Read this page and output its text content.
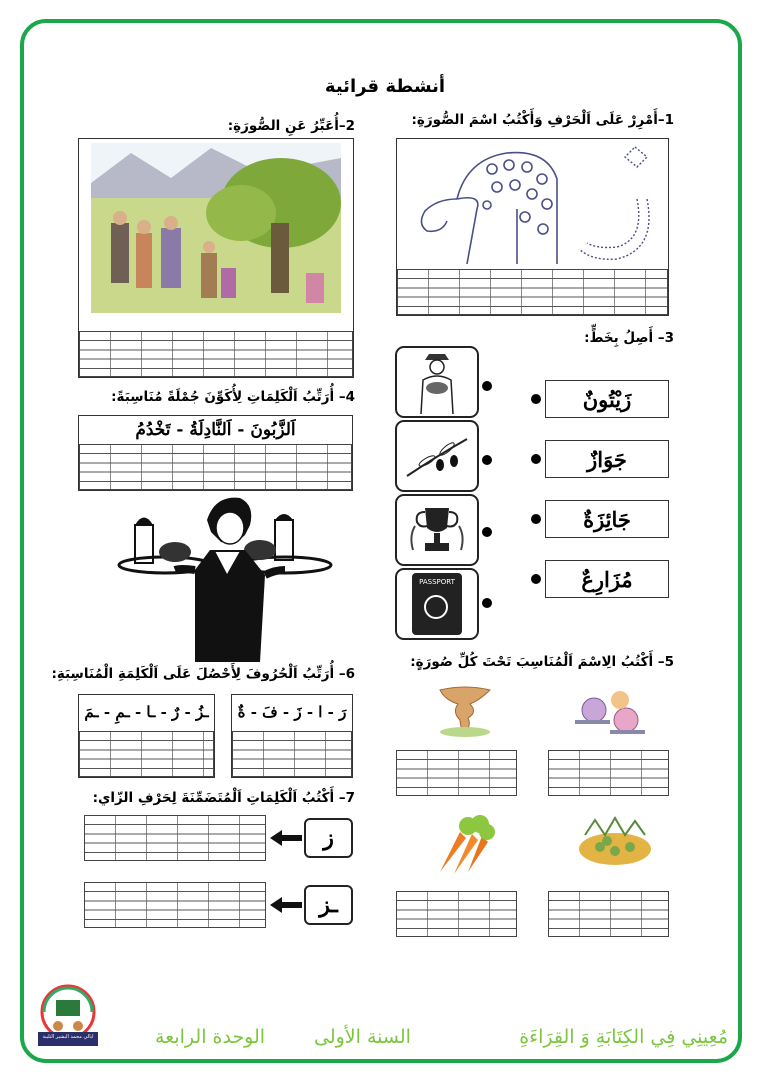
أنشطة قرائية
1–أَمْرِرْ عَلَى اَلْحَرْفِ وَأَكْتُبُ اسْمَ الصُّورَةِ:
2–أُعَبِّرُ عَنِ الصُّورَةِ:
3– أَصِلُ بِخَطٍّ:
زَيْتُونٌ
جَوَازٌ
جَائِزَةٌ
مُزَارِعٌ
PASSPORT
4– أُرَتِّبُ اَلْكَلِمَاتِ لِأُكَوِّنَ جُمْلَةً مُنَاسِبَةً:
اَلزَّبُونَ - اَلنَّادِلَةُ - تَخْدُمُ
5– أَكْتُبُ الِاسْمَ اَلْمُنَاسِبَ تَحْتَ كُلِّ صُورَةٍ:
6– أُرَتِّبُ اَلْحُرُوفَ لِأَحْصُلَ عَلَى اَلْكَلِمَةِ الْمُنَاسِبَةِ:
رَ - ا - زَ - فَ - ةٌ
ـزُ - رٌ - ـا - ـمِ - ـمَ
7– أَكْتُبُ اَلْكَلِمَاتِ اَلْمُتَضَمِّنَةَ لِحَرْفِ الزّاي:
ز
ـز
أبالي محمد البشير التليبة	مُعِينِي فِي الكِتَابَةِ وَ القِرَاءَةِ
السنة الأولى
الوحدة الرابعة
